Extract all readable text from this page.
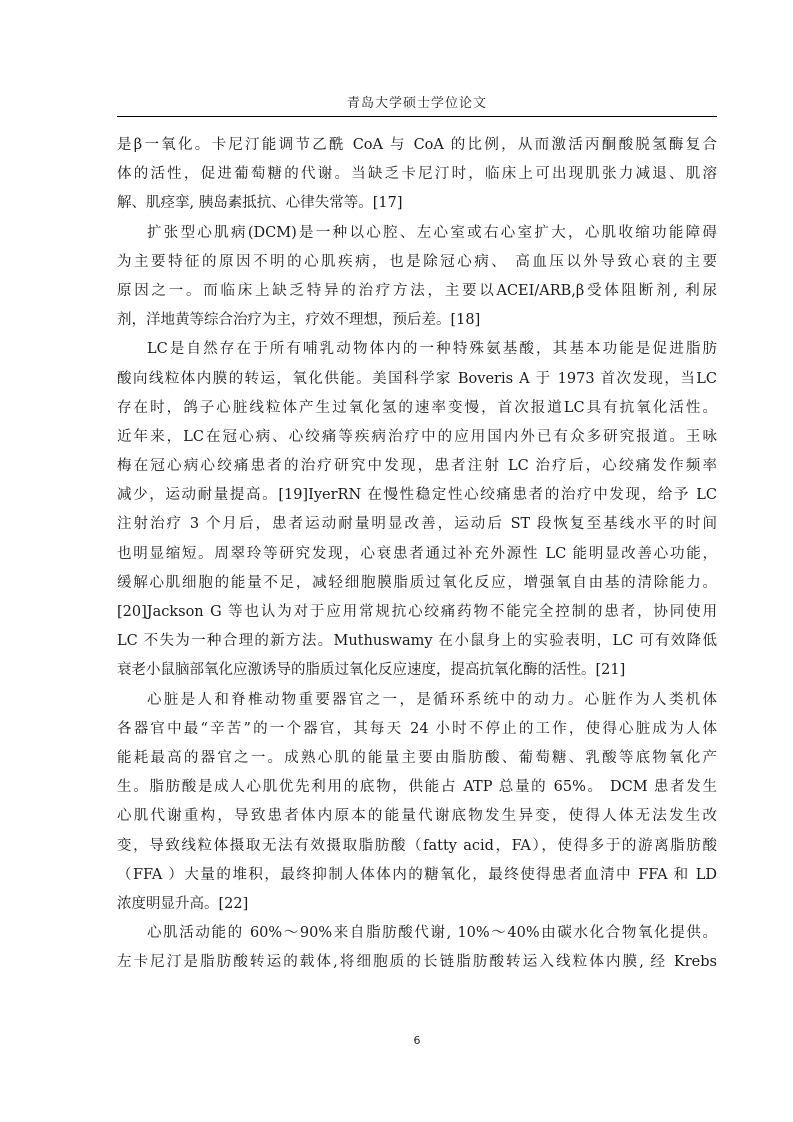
青岛大学硕士学位论文
是β一氧化。卡尼汀能调节乙酰 CoA 与 CoA 的比例，从而激活丙酮酸脱氢酶复合
体的活性，促进葡萄糖的代谢。当缺乏卡尼汀时，临床上可出现肌张力减退、肌溶
解、肌痉挛, 胰岛素抵抗、心律失常等。[17]
扩张型心肌病(DCM)是一种以心腔、左心室或右心室扩大，心肌收缩功能障碍
为主要特征的原因不明的心肌疾病，也是除冠心病、 高血压以外导致心衰的主要
原因之一。而临床上缺乏特异的治疗方法，主要以ACEI/ARB,β受体阻断剂, 利尿
剂，洋地黄等综合治疗为主，疗效不理想，预后差。[18]
LC是自然存在于所有哺乳动物体内的一种特殊氨基酸，其基本功能是促进脂肪
酸向线粒体内膜的转运，氧化供能。美国科学家 Boveris A 于 1973 首次发现，当LC
存在时，鸽子心脏线粒体产生过氧化氢的速率变慢，首次报道LC具有抗氧化活性。
近年来，LC在冠心病、心绞痛等疾病治疗中的应用国内外已有众多研究报道。王咏
梅在冠心病心绞痛患者的治疗研究中发现，患者注射 LC 治疗后，心绞痛发作频率
减少，运动耐量提高。[19]IyerRN 在慢性稳定性心绞痛患者的治疗中发现，给予 LC
注射治疗 3 个月后，患者运动耐量明显改善，运动后 ST 段恢复至基线水平的时间
也明显缩短。周翠玲等研究发现，心衰患者通过补充外源性 LC 能明显改善心功能，
缓解心肌细胞的能量不足，减轻细胞膜脂质过氧化反应，增强氧自由基的清除能力。
[20]Jackson G 等也认为对于应用常规抗心绞痛药物不能完全控制的患者，协同使用
LC 不失为一种合理的新方法。Muthuswamy 在小鼠身上的实验表明，LC 可有效降低
衰老小鼠脑部氧化应激诱导的脂质过氧化反应速度，提高抗氧化酶的活性。[21]
心脏是人和脊椎动物重要器官之一，是循环系统中的动力。心脏作为人类机体
各器官中最“辛苦”的一个器官，其每天 24 小时不停止的工作，使得心脏成为人体
能耗最高的器官之一。成熟心肌的能量主要由脂肪酸、葡萄糖、乳酸等底物氧化产
生。脂肪酸是成人心肌优先利用的底物，供能占 ATP 总量的 65%。 DCM 患者发生
心肌代谢重构，导致患者体内原本的能量代谢底物发生异变，使得人体无法发生改
变，导致线粒体摄取无法有效摄取脂肪酸（fatty acid，FA），使得多于的游离脂肪酸
（FFA ）大量的堆积，最终抑制人体体内的糖氧化，最终使得患者血清中 FFA 和 LD
浓度明显升高。[22]
心肌活动能的 60%～90%来自脂肪酸代谢, 10%～40%由碳水化合物氧化提供。
左卡尼汀是脂肪酸转运的载体,将细胞质的长链脂肪酸转运入线粒体内膜, 经 Krebs
6
